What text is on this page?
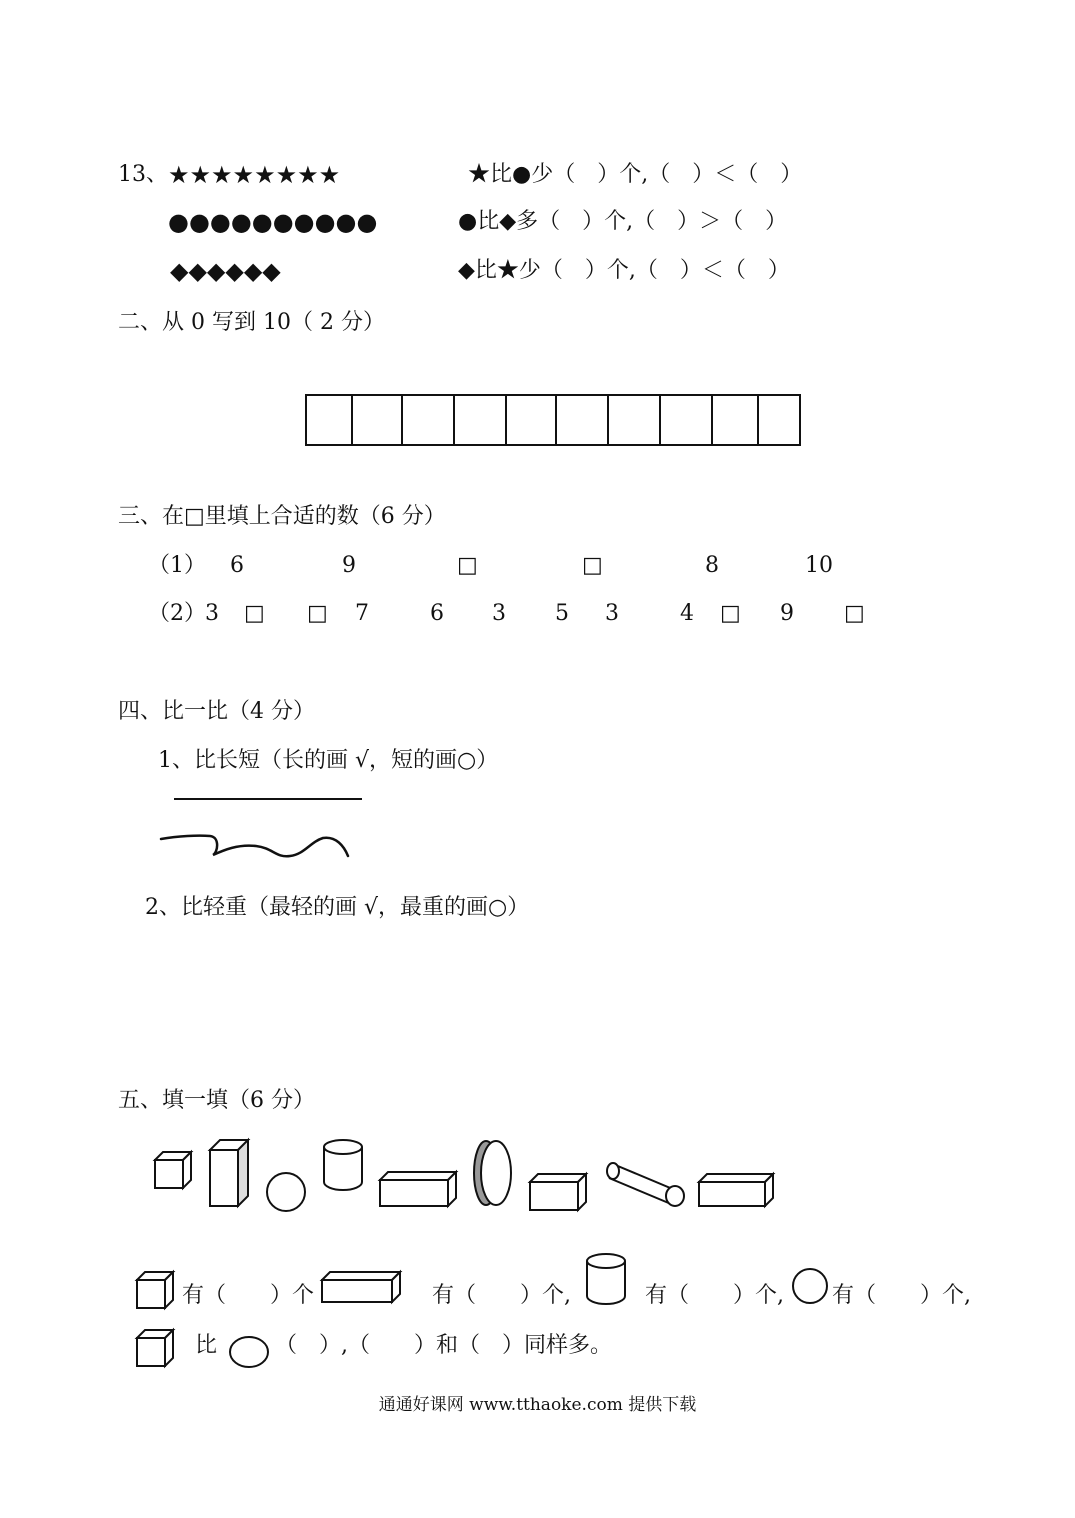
13、 ★★★★★★★★	★比●少（　）个,（　）＜（　）
●●●●●●●●●●	●比◆多（　）个,（　）＞（　）
◆◆◆◆◆◆	◆比★少（　）个,（　）＜（　）
二、从 0 写到 10（ 2 分）
三、在□里填上合适的数（6 分）
（1） 6	9	□	□	8	10
（2） 3 □ □ 7	6 3 5 3	4 □ 9 □
四、比一比（4 分）
1、比长短（长的画 √，短的画○）
2、比轻重（最轻的画 √，最重的画○）
五、填一填（6 分）
有（　　）个	有（　　）个,	有（　　）个, 有（　　）个,
比	（　）,（　　）和（　）同样多。
通通好课网 www.tthaoke.com 提供下载
